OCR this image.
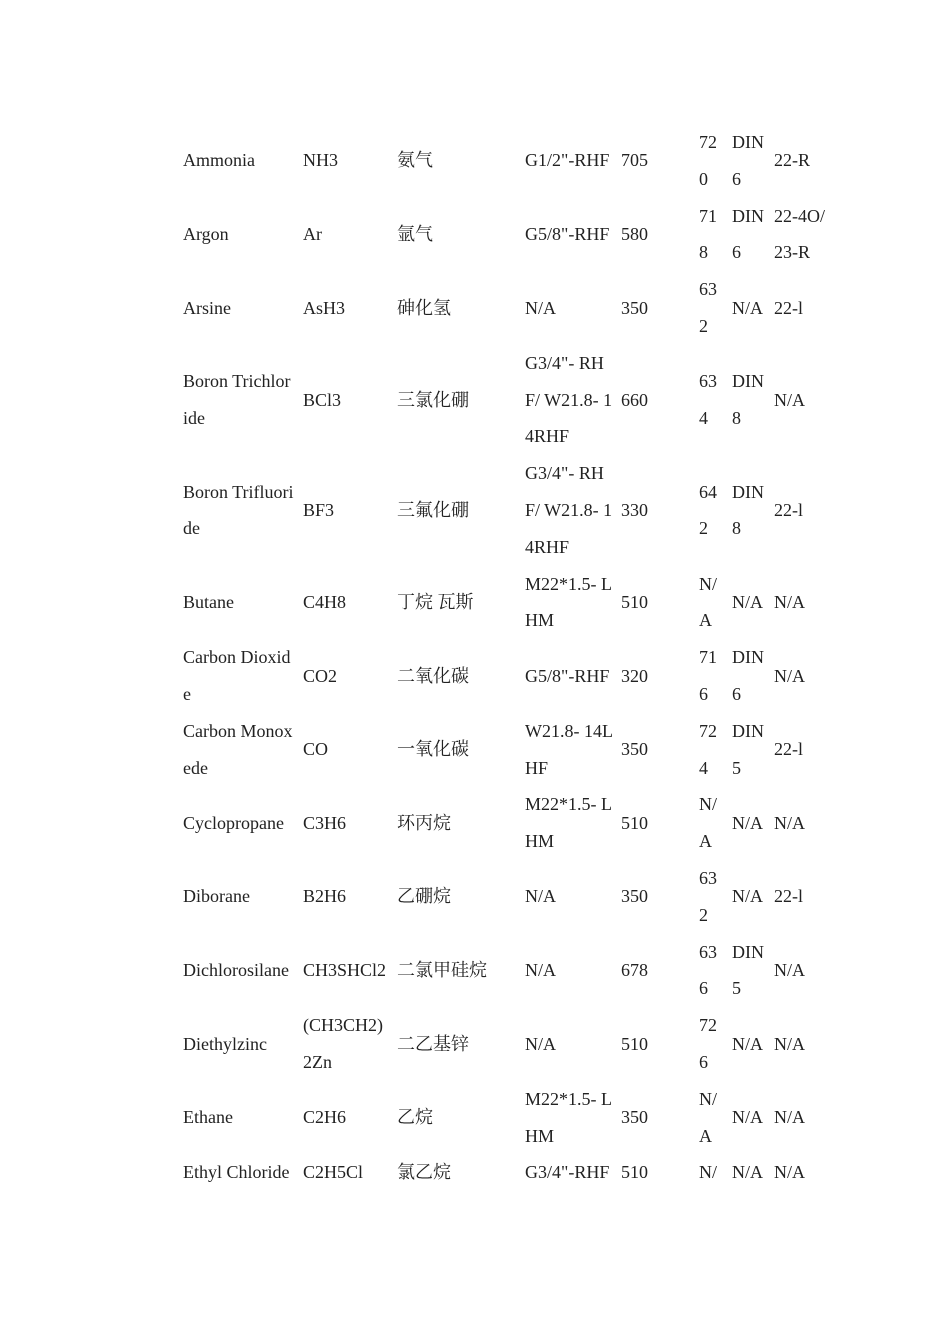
Ammonia	NH3	氨气	G1/2"-RHF	705	720	DIN 6	22-R
Argon	Ar	氩气	G5/8"-RHF	580	718	DIN 6	22-4O/ 23-R
Arsine	AsH3	砷化氢	N/A	350	632	N/A	22-l
Boron Trichloride	BCl3	三氯化硼	G3/4"- RHF/ W21.8- 14RHF	660	634	DIN 8	N/A
Boron Trifluoride	BF3	三氟化硼	G3/4"- RHF/ W21.8- 14RHF	330	642	DIN 8	22-l
Butane	C4H8	丁烷 瓦斯	M22*1.5- LHM	510	N/ A	N/A	N/A
Carbon Dioxide	CO2	二氧化碳	G5/8"-RHF	320	716	DIN 6	N/A
Carbon Monoxede	CO	一氧化碳	W21.8- 14LHF	350	724	DIN 5	22-l
Cyclopropane	C3H6	环丙烷	M22*1.5- LHM	510	N/ A	N/A	N/A
Diborane	B2H6	乙硼烷	N/A	350	632	N/A	22-l
Dichlorosilane	CH3SHCl2	二氯甲硅烷	N/A	678	636	DIN 5	N/A
Diethylzinc	(CH3CH2) 2Zn	二乙基锌	N/A	510	726	N/A	N/A
Ethane	C2H6	乙烷	M22*1.5- LHM	350	N/ A	N/A	N/A
Ethyl Chloride	C2H5Cl	氯乙烷	G3/4"-RHF	510	N/	N/A	N/A
